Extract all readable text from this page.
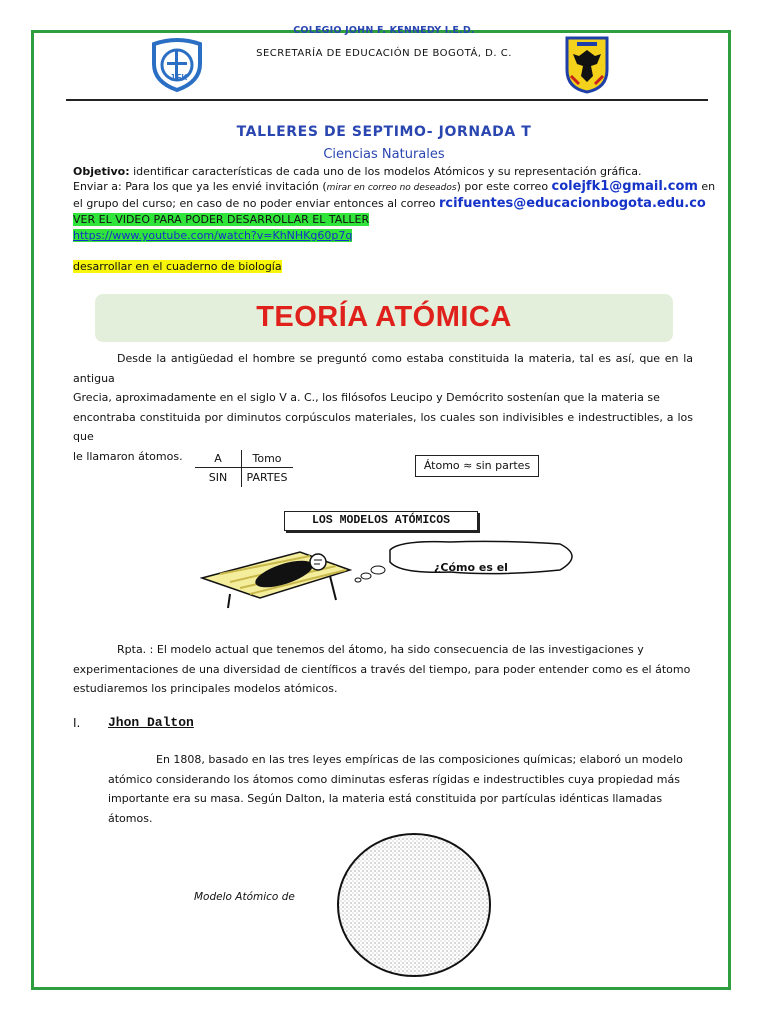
J.FK
COLEGIO JOHN F. KENNEDY I.E.D.
SECRETARÍA DE EDUCACIÓN DE BOGOTÁ, D. C.
TALLERES DE SEPTIMO- JORNADA T
Ciencias Naturales
Objetivo: identificar características de cada uno de los modelos Atómicos y su representación gráfica.
Enviar a: Para los que ya les envié invitación (mirar en correo no deseados) por este correo colejfk1@gmail.com en
el grupo del curso; en caso de no poder enviar entonces al correo rcifuentes@educacionbogota.edu.co
VER EL VIDEO PARA PODER DESARROLLAR EL TALLER
https://www.youtube.com/watch?v=KhNHKg60p7q
desarrollar en el cuaderno de biología
TEORÍA ATÓMICA
Desde la antigüedad el hombre se preguntó como estaba constituida la materia, tal es así, que en la antigua
Grecia, aproximadamente en el siglo V a. C., los filósofos Leucipo y Demócrito sostenían que la materia se
encontraba constituida por diminutos corpúsculos materiales, los cuales son indivisibles e indestructibles, a los que
le llamaron átomos.	A	Tomo
SIN	PARTES
Átomo ≈ sin partes
LOS MODELOS ATÓMICOS
¿Cómo es el
Rpta. : El modelo actual que tenemos del átomo, ha sido consecuencia de las investigaciones y
experimentaciones de una diversidad de científicos a través del tiempo, para poder entender como es el átomo
estudiaremos los principales modelos atómicos.
I. Jhon Dalton
En 1808, basado en las tres leyes empíricas de las composiciones químicas; elaboró un modelo
atómico considerando los átomos como diminutas esferas rígidas e indestructibles cuya propiedad más
importante era su masa. Según Dalton, la materia está constituida por partículas idénticas llamadas átomos.
Modelo Atómico de
